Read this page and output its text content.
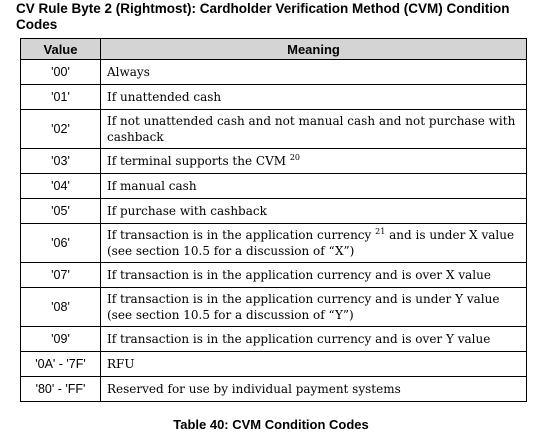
CV Rule Byte 2 (Rightmost): Cardholder Verification Method (CVM) Condition Codes
Value	Meaning
'00'	Always
'01'	If unattended cash
'02'	If not unattended cash and not manual cash and not purchase with cashback
'03'	If terminal supports the CVM $^{20}$
'04'	If manual cash
'05'	If purchase with cashback
'06'	If transaction is in the application currency $^{21}$ and is under X value (see section 10.5 for a discussion of “X”)
'07'	If transaction is in the application currency and is over X value
'08'	If transaction is in the application currency and is under Y value (see section 10.5 for a discussion of “Y”)
'09'	If transaction is in the application currency and is over Y value
'0A' - '7F'	RFU
'80' - 'FF'	Reserved for use by individual payment systems
Table 40: CVM Condition Codes
